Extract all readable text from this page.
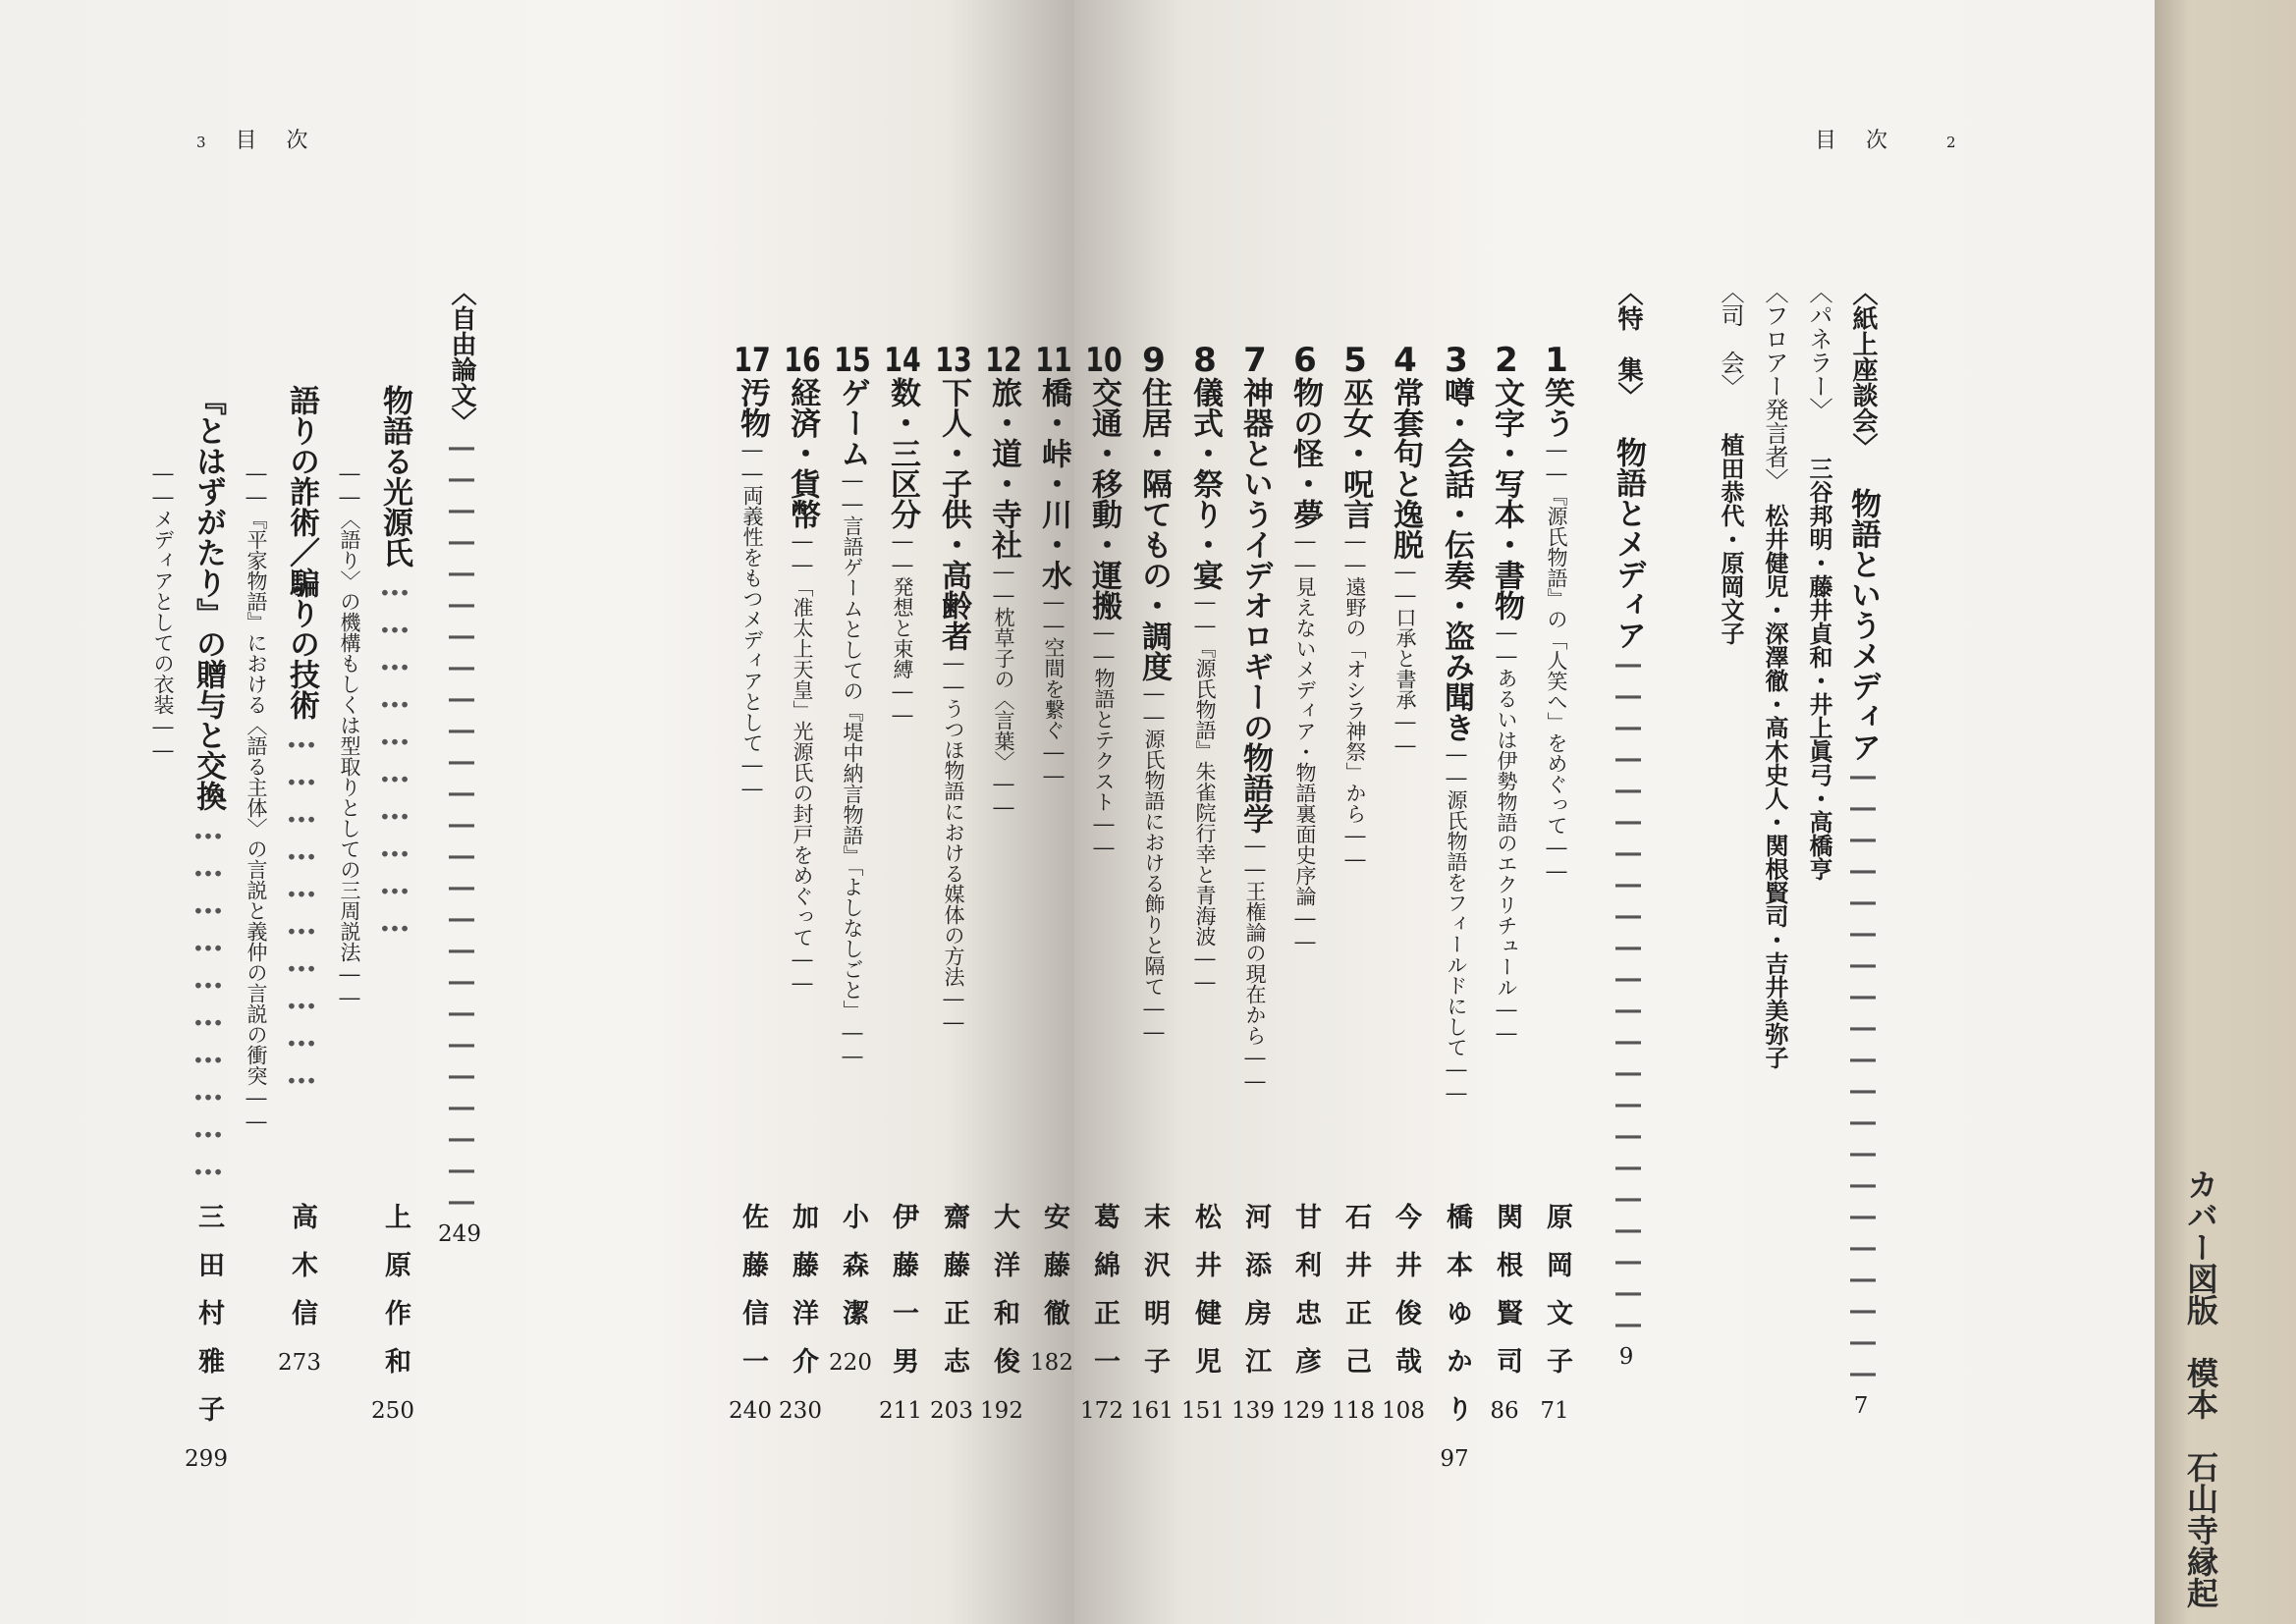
3 目次	目次 2
〈紙上座談会〉 物語というメディア――――――――――――――――――――7
〈パネラー〉　　三谷邦明・藤井貞和・井上眞弓・高橋亨
〈フロアー発言者〉　松井健児・深澤徹・高木史人・関根賢司・吉井美弥子
〈司　会〉　　植田恭代・原岡文子
〈特　集〉 物語とメディア――――――――――――――――――――――9
1笑う――『源氏物語』の「人笑へ」をめぐって――
原岡文子71
2文字・写本・書物――あるいは伊勢物語のエクリチュール――
関根賢司86
3噂・会話・伝奏・盗み聞き――源氏物語をフィールドにして――
橋本ゆかり97
4常套句と逸脱――口承と書承――
今井俊哉108
5巫女・呪言――遠野の「オシラ神祭」から――
石井正己118
6物の怪・夢――見えないメディア・物語裏面史序論――
甘利忠彦129
7神器というイデオロギーの物語学――王権論の現在から――
河添房江139
8儀式・祭り・宴――『源氏物語』朱雀院行幸と青海波――
松井健児151
9住居・隔てもの・調度――源氏物語における飾りと隔て――
末沢明子161
10交通・移動・運搬――物語とテクスト――
葛綿正一172
11橋・峠・川・水――空間を繋ぐ――
安藤徹182
12旅・道・寺社――枕草子の〈言葉〉――
大洋和俊192
13下人・子供・高齢者――うつほ物語における媒体の方法――
齋藤正志203
14数・三区分――発想と束縛――
伊藤一男211
15ゲーム――言語ゲームとしての『堤中納言物語』「よしなしごと」――
小森潔220
16経済・貨幣――「准太上天皇」光源氏の封戸をめぐって――
加藤洋介230
17汚物――両義性をもつメディアとして――
佐藤信一240
〈自由論文〉―――――――――――――――――――――――――249
物語る光源氏…………………………
――〈語り〉の機構もしくは型取りとしての三周説法――
上原作和250
語りの詐術／騙りの技術…………………………
――『平家物語』における〈語る主体〉の言説と義仲の言説の衝突――
高木信273
『とはずがたり』の贈与と交換…………………………
――メディアとしての衣装――
三田村雅子299	カバー図版　模本　石山寺縁起
